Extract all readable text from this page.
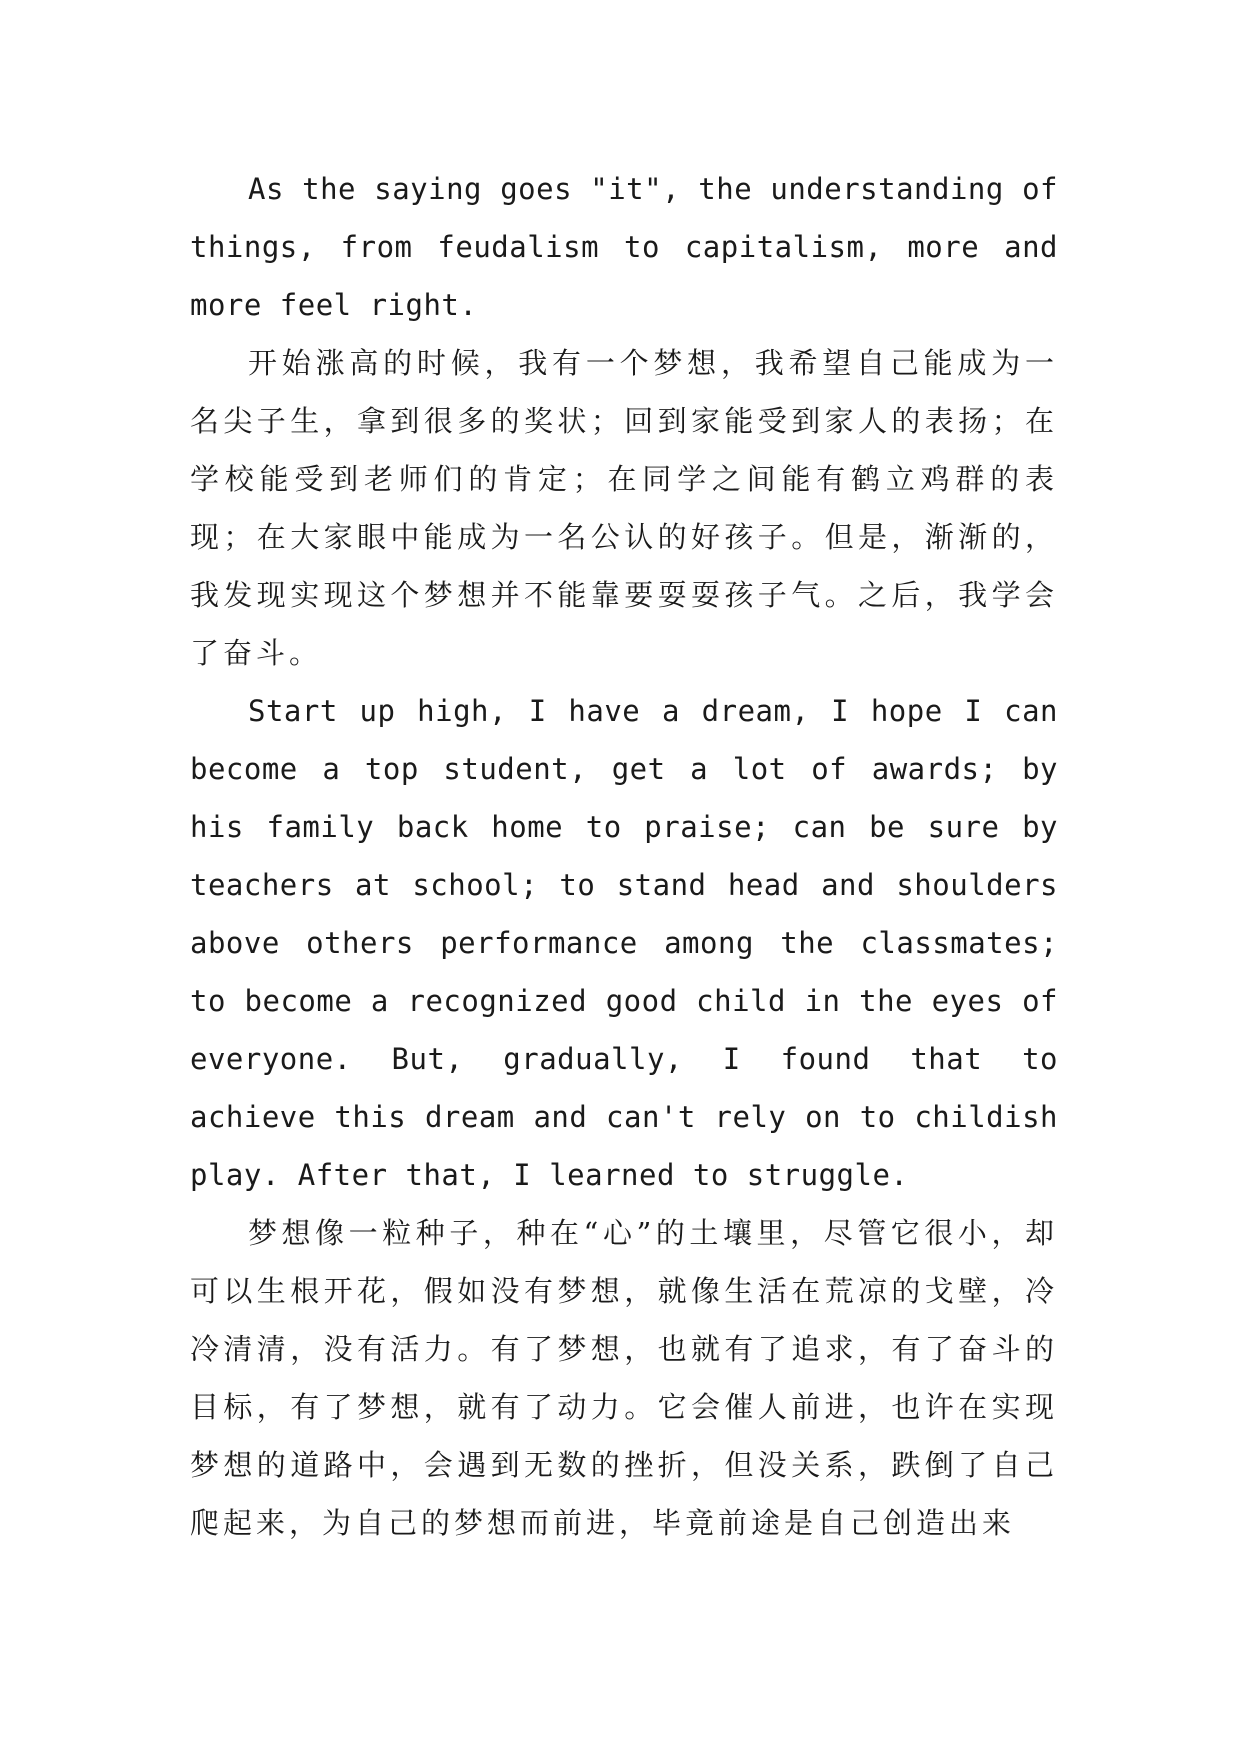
As the saying goes "it", the understanding of things, from feudalism to capitalism, more and more feel right.

开始涨高的时候，我有一个梦想，我希望自己能成为一名尖子生，拿到很多的奖状；回到家能受到家人的表扬；在学校能受到老师们的肯定；在同学之间能有鹤立鸡群的表现；在大家眼中能成为一名公认的好孩子。但是，渐渐的，我发现实现这个梦想并不能靠要耍耍孩子气。之后，我学会了奋斗。

Start up high, I have a dream, I hope I can become a top student, get a lot of awards; by his family back home to praise; can be sure by teachers at school; to stand head and shoulders above others performance among the classmates; to become a recognized good child in the eyes of everyone. But, gradually, I found that to achieve this dream and can't rely on to childish play. After that, I learned to struggle.

梦想像一粒种子，种在“心”的土壤里，尽管它很小，却可以生根开花，假如没有梦想，就像生活在荒凉的戈壁，冷冷清清，没有活力。有了梦想，也就有了追求，有了奋斗的目标，有了梦想，就有了动力。它会催人前进，也许在实现梦想的道路中，会遇到无数的挫折，但没关系，跌倒了自己爬起来，为自己的梦想而前进，毕竟前途是自己创造出来
